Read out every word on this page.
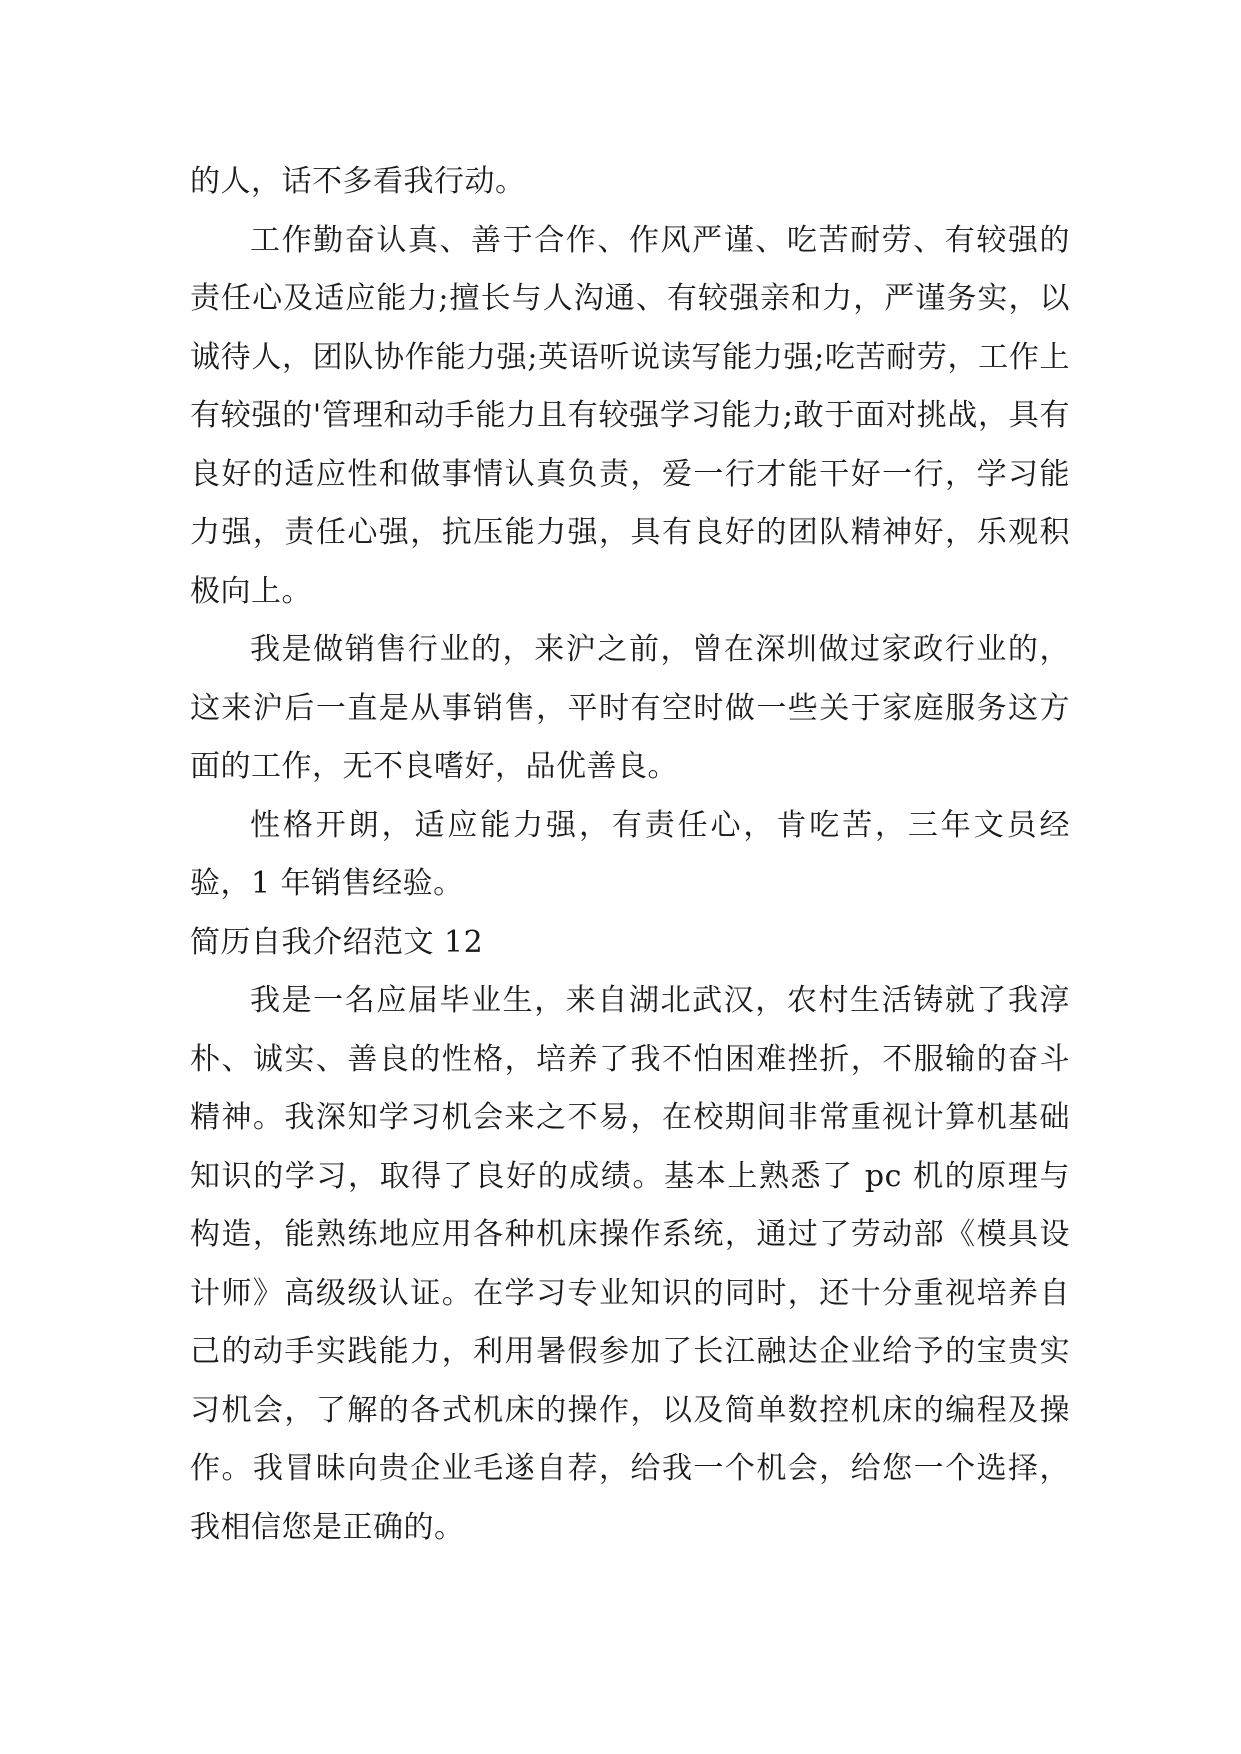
的人，话不多看我行动。

工作勤奋认真、善于合作、作风严谨、吃苦耐劳、有较强的责任心及适应能力;擅长与人沟通、有较强亲和力，严谨务实，以诚待人，团队协作能力强;英语听说读写能力强;吃苦耐劳，工作上有较强的'管理和动手能力且有较强学习能力;敢于面对挑战，具有良好的适应性和做事情认真负责，爱一行才能干好一行，学习能力强，责任心强，抗压能力强，具有良好的团队精神好，乐观积极向上。

我是做销售行业的，来沪之前，曾在深圳做过家政行业的，这来沪后一直是从事销售，平时有空时做一些关于家庭服务这方面的工作，无不良嗜好，品优善良。

性格开朗，适应能力强，有责任心，肯吃苦，三年文员经验，1 年销售经验。

简历自我介绍范文 12

我是一名应届毕业生，来自湖北武汉，农村生活铸就了我淳朴、诚实、善良的性格，培养了我不怕困难挫折，不服输的奋斗精神。我深知学习机会来之不易，在校期间非常重视计算机基础知识的学习，取得了良好的成绩。基本上熟悉了 pc 机的原理与构造，能熟练地应用各种机床操作系统，通过了劳动部《模具设计师》高级级认证。在学习专业知识的同时，还十分重视培养自己的动手实践能力，利用暑假参加了长江融达企业给予的宝贵实习机会，了解的各式机床的操作，以及简单数控机床的编程及操作。我冒昧向贵企业毛遂自荐，给我一个机会，给您一个选择，我相信您是正确的。
